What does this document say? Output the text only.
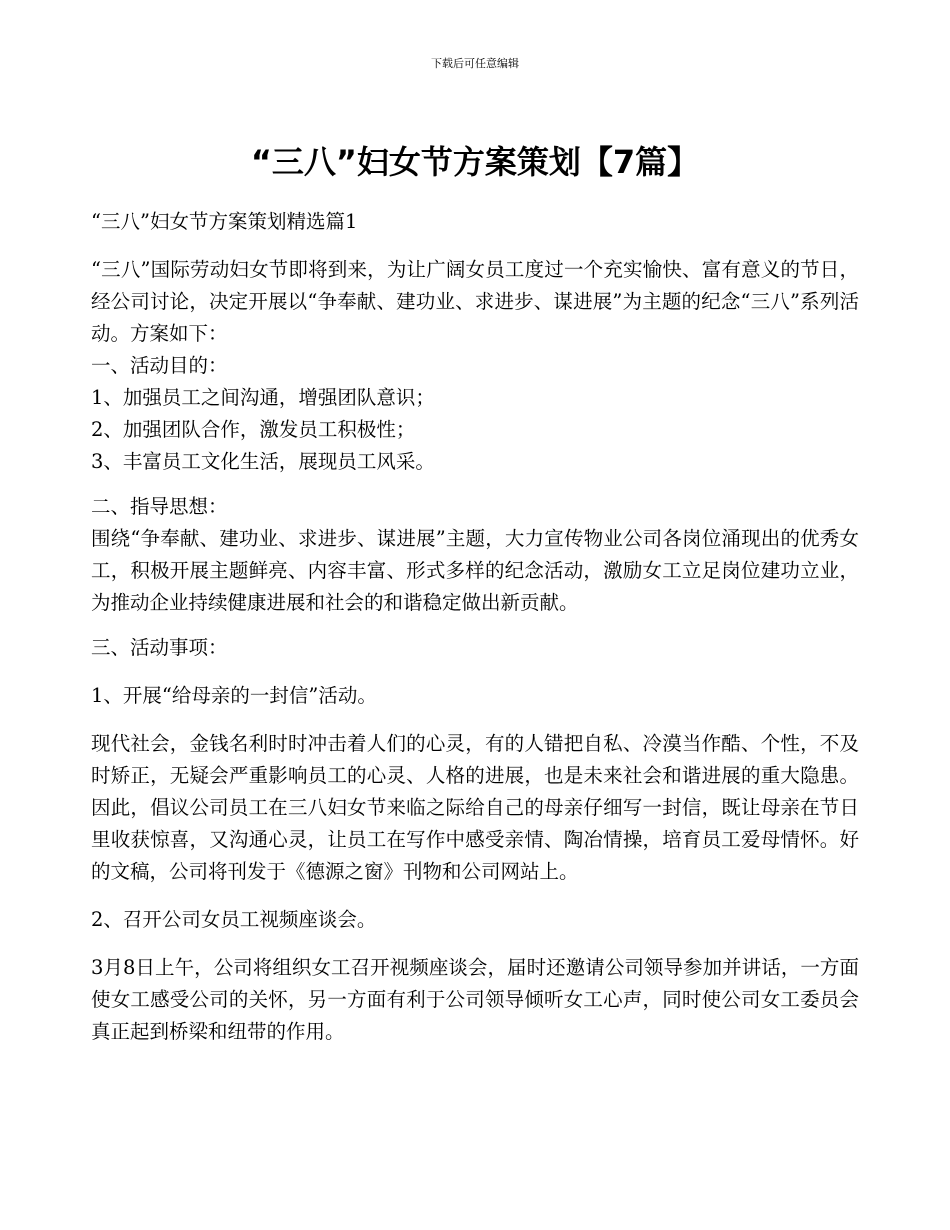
下载后可任意编辑
“三八”妇女节方案策划【7篇】

“三八”妇女节方案策划精选篇1

“三八”国际劳动妇女节即将到来，为让广阔女员工度过一个充实愉快、富有意义的节日，经公司讨论，决定开展以“争奉献、建功业、求进步、谋进展”为主题的纪念“三八”系列活动。方案如下：

一、活动目的：

1、加强员工之间沟通，增强团队意识；

2、加强团队合作，激发员工积极性；

3、丰富员工文化生活，展现员工风采。

二、指导思想：

围绕“争奉献、建功业、求进步、谋进展”主题，大力宣传物业公司各岗位涌现出的优秀女工，积极开展主题鲜亮、内容丰富、形式多样的纪念活动，激励女工立足岗位建功立业，为推动企业持续健康进展和社会的和谐稳定做出新贡献。

三、活动事项：

1、开展“给母亲的一封信”活动。

现代社会，金钱名利时时冲击着人们的心灵，有的人错把自私、冷漠当作酷、个性，不及时矫正，无疑会严重影响员工的心灵、人格的进展，也是未来社会和谐进展的重大隐患。因此，倡议公司员工在三八妇女节来临之际给自己的母亲仔细写一封信，既让母亲在节日里收获惊喜，又沟通心灵，让员工在写作中感受亲情、陶冶情操，培育员工爱母情怀。好的文稿，公司将刊发于《德源之窗》刊物和公司网站上。

2、召开公司女员工视频座谈会。

3月8日上午，公司将组织女工召开视频座谈会，届时还邀请公司领导参加并讲话，一方面使女工感受公司的关怀，另一方面有利于公司领导倾听女工心声，同时使公司女工委员会真正起到桥梁和纽带的作用。
